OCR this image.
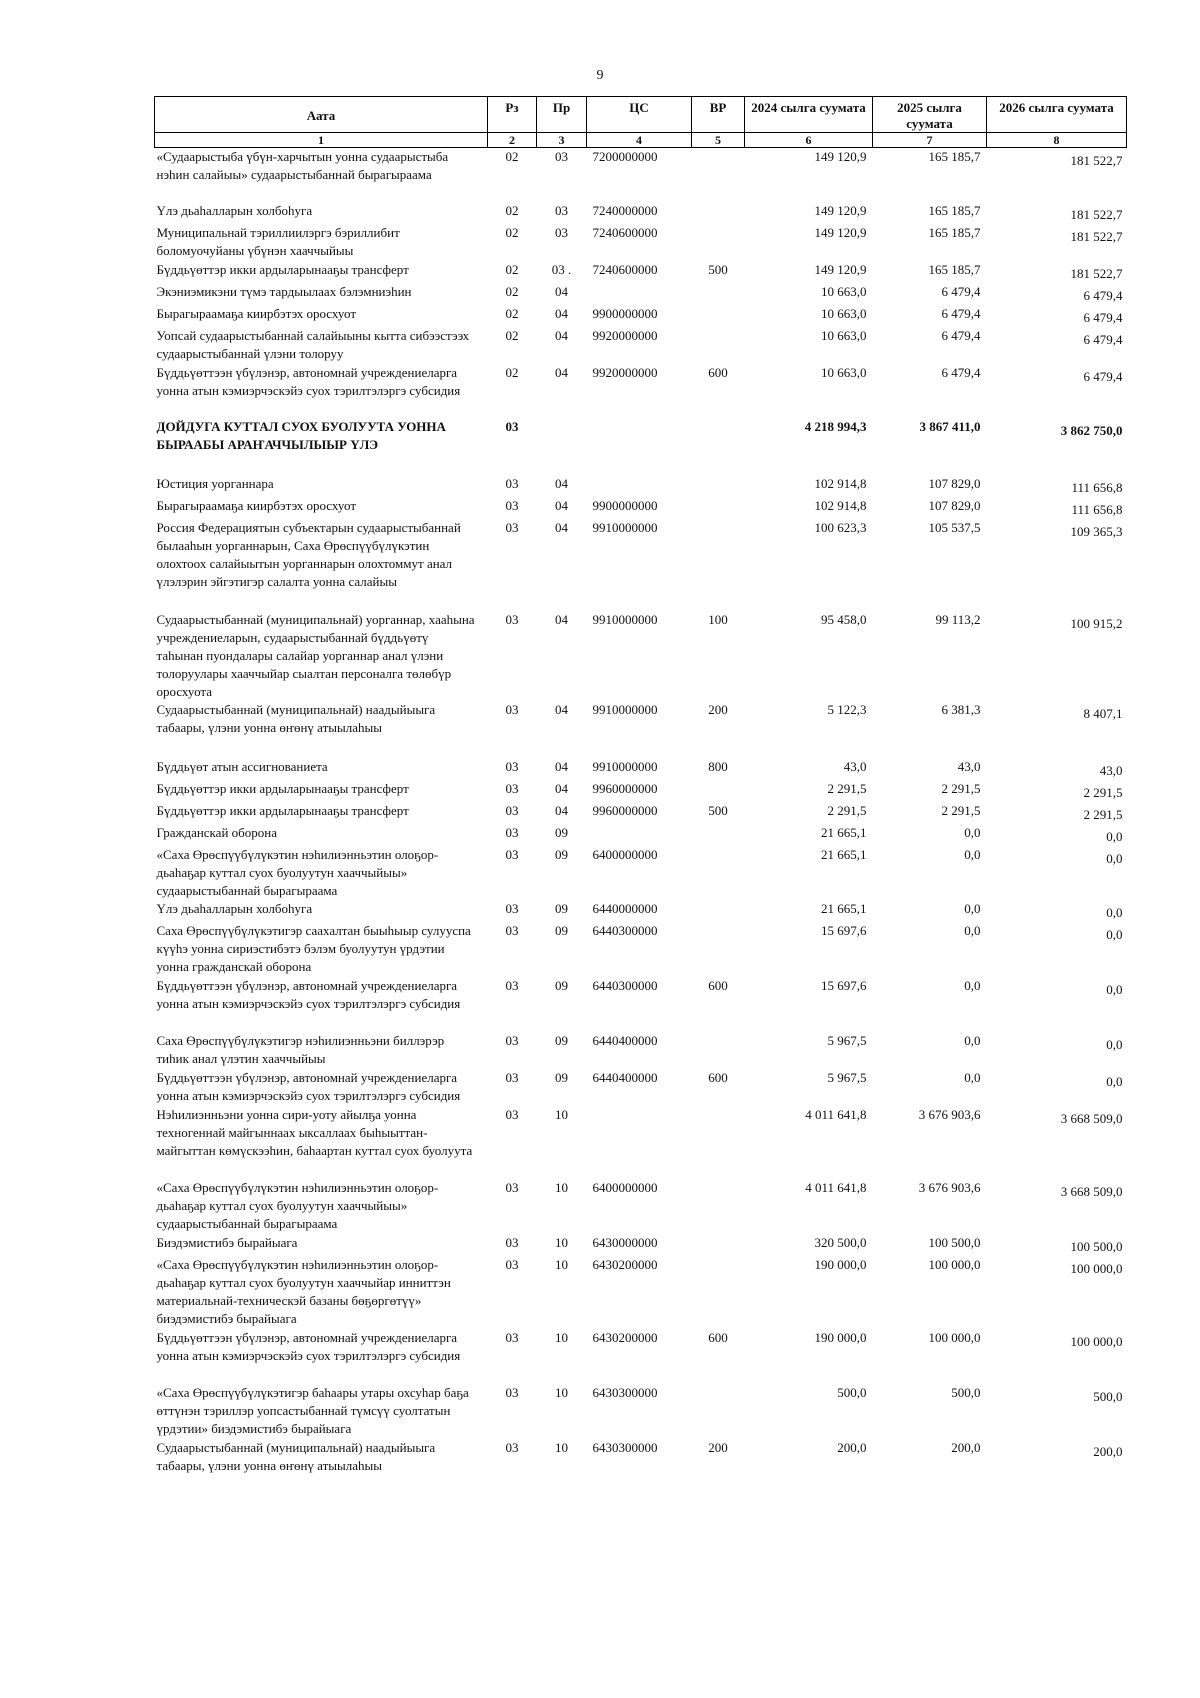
9
Аата	Рз	Пр	ЦС	ВР	2024 сылга суумата	2025 сылга суумата	2026 сылга суумата
1	2	3	4	5	6	7	8
«Судаарыстыба үбүн-харчытын уонна судаарыстыба нэһин салайыы» судаарыстыбаннай бырагыраама	02	03	7200000000		149 120,9	165 185,7	181 522,7
Үлэ дьаһалларын холбоһуга	02	03	7240000000		149 120,9	165 185,7	181 522,7
Муниципальнай тэриллиилэргэ бэриллибит боломуочуйаны үбүнэн хааччыйыы	02	03	7240600000		149 120,9	165 185,7	181 522,7
Бүддьүөттэр икки ардыларынааҕы трансферт	02	03 .	7240600000	500	149 120,9	165 185,7	181 522,7
Экэниэмикэни түмэ тардыылаах бэлэмниэһин	02	04			10 663,0	6 479,4	6 479,4
Бырагыраамаҕа киирбэтэх оросхуот	02	04	9900000000		10 663,0	6 479,4	6 479,4
Уопсай судаарыстыбаннай салайыыны кытта сибээстээх судаарыстыбаннай үлэни толоруу	02	04	9920000000		10 663,0	6 479,4	6 479,4
Бүддьүөттээн үбүлэнэр, автономнай учреждениеларга уонна атын кэмиэрчэскэйэ суох тэрилтэлэргэ субсидия	02	04	9920000000	600	10 663,0	6 479,4	6 479,4
ДОЙДУГА КУТТАЛ СУОХ БУОЛУУТА УОННА БЫРААБЫ АРАҤАЧЧЫЛЫЫР ҮЛЭ	03				4 218 994,3	3 867 411,0	3 862 750,0
Юстиция уорганнара	03	04			102 914,8	107 829,0	111 656,8
Бырагыраамаҕа киирбэтэх оросхуот	03	04	9900000000		102 914,8	107 829,0	111 656,8
Россия Федерациятын субъектарын судаарыстыбаннай былааһын уорганнарын, Саха Өрөспүүбүлүкэтин олохтоох салайыытын уорганнарын олохтоммут анал үлэлэрин эйгэтигэр салалта уонна салайыы	03	04	9910000000		100 623,3	105 537,5	109 365,3
Судаарыстыбаннай (муниципальнай) уорганнар, хааһына учреждениеларын, судаарыстыбаннай бүддьүөтү таһынан пуондалары салайар уорганнар анал үлэни толоруулары хааччыйар сыалтан персоналга төлөбүр оросхуота	03	04	9910000000	100	95 458,0	99 113,2	100 915,2
Судаарыстыбаннай (муниципальнай) наадыйыыга табаары, үлэни уонна өҥөнү атыылаһыы	03	04	9910000000	200	5 122,3	6 381,3	8 407,1
Бүддьүөт атын ассигнованиета	03	04	9910000000	800	43,0	43,0	43,0
Бүддьүөттэр икки ардыларынааҕы трансферт	03	04	9960000000		2 291,5	2 291,5	2 291,5
Бүддьүөттэр икки ардыларынааҕы трансферт	03	04	9960000000	500	2 291,5	2 291,5	2 291,5
Гражданскай оборона	03	09			21 665,1	0,0	0,0
«Саха Өрөспүүбүлүкэтин нэһилиэнньэтин олоҕор-дьаһаҕар куттал суох буолуутун хааччыйыы» судаарыстыбаннай бырагыраама	03	09	6400000000		21 665,1	0,0	0,0
Үлэ дьаһалларын холбоһуга	03	09	6440000000		21 665,1	0,0	0,0
Саха Өрөспүүбүлүкэтигэр саахалтан быыһыыр сулууспа күүһэ уонна сириэстибэтэ бэлэм буолуутун үрдэтии уонна гражданскай оборона	03	09	6440300000		15 697,6	0,0	0,0
Бүддьүөттээн үбүлэнэр, автономнай учреждениеларга уонна атын кэмиэрчэскэйэ суох тэрилтэлэргэ субсидия	03	09	6440300000	600	15 697,6	0,0	0,0
Саха Өрөспүүбүлүкэтигэр нэһилиэнньэни биллэрэр тиһик анал үлэтин хааччыйыы	03	09	6440400000		5 967,5	0,0	0,0
Бүддьүөттээн үбүлэнэр, автономнай учреждениеларга уонна атын кэмиэрчэскэйэ суох тэрилтэлэргэ субсидия	03	09	6440400000	600	5 967,5	0,0	0,0
Нэһилиэнньэни уонна сири-уоту айылҕа уонна техногеннай майгыннаах ыксаллаах быһыыттан-майгыттан көмүскээһин, баһаартан куттал суох буолуута	03	10			4 011 641,8	3 676 903,6	3 668 509,0
«Саха Өрөспүүбүлүкэтин нэһилиэнньэтин олоҕор-дьаһаҕар куттал суох буолуутун хааччыйыы» судаарыстыбаннай бырагыраама	03	10	6400000000		4 011 641,8	3 676 903,6	3 668 509,0
Биэдэмистибэ бырайыага	03	10	6430000000		320 500,0	100 500,0	100 500,0
«Саха Өрөспүүбүлүкэтин нэһилиэнньэтин олоҕор-дьаһаҕар куттал суох буолуутун хааччыйар инниттэн материальнай-техническэй базаны бөҕөргөтүү» биэдэмистибэ бырайыага	03	10	6430200000		190 000,0	100 000,0	100 000,0
Бүддьүөттээн үбүлэнэр, автономнай учреждениеларга уонна атын кэмиэрчэскэйэ суох тэрилтэлэргэ субсидия	03	10	6430200000	600	190 000,0	100 000,0	100 000,0
«Саха Өрөспүүбүлүкэтигэр баһаары утары охсуһар баҕа өттүнэн тэриллэр уопсастыбаннай түмсүү суолтатын үрдэтии» биэдэмистибэ бырайыага	03	10	6430300000		500,0	500,0	500,0
Судаарыстыбаннай (муниципальнай) наадыйыыга табаары, үлэни уонна өҥөнү атыылаһыы	03	10	6430300000	200	200,0	200,0	200,0
